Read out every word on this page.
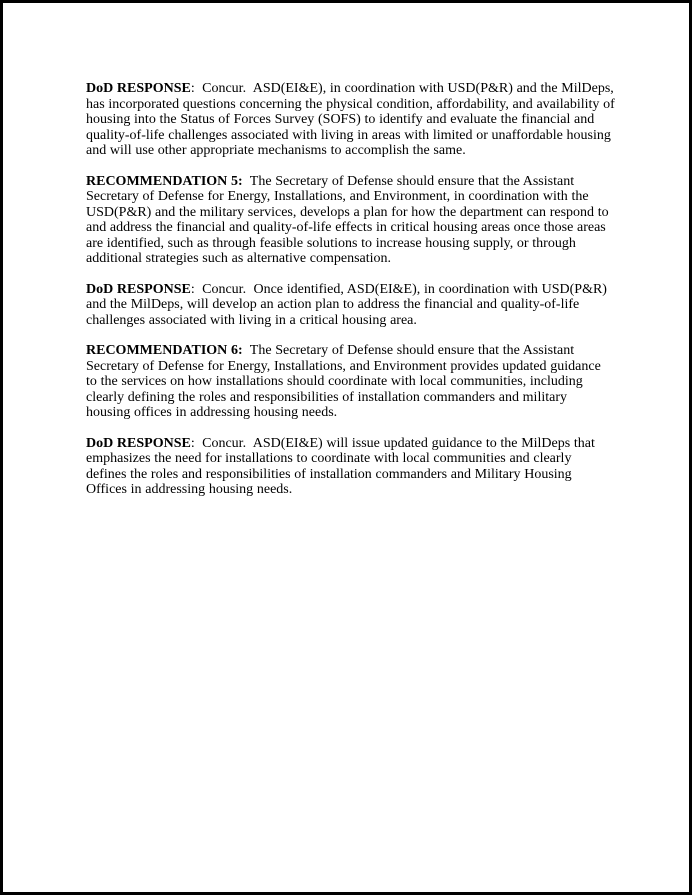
DoD RESPONSE:  Concur.  ASD(EI&E), in coordination with USD(P&R) and the MilDeps, has incorporated questions concerning the physical condition, affordability, and availability of housing into the Status of Forces Survey (SOFS) to identify and evaluate the financial and quality-of-life challenges associated with living in areas with limited or unaffordable housing and will use other appropriate mechanisms to accomplish the same.

RECOMMENDATION 5:  The Secretary of Defense should ensure that the Assistant Secretary of Defense for Energy, Installations, and Environment, in coordination with the USD(P&R) and the military services, develops a plan for how the department can respond to and address the financial and quality-of-life effects in critical housing areas once those areas are identified, such as through feasible solutions to increase housing supply, or through additional strategies such as alternative compensation.

DoD RESPONSE:  Concur.  Once identified, ASD(EI&E), in coordination with USD(P&R) and the MilDeps, will develop an action plan to address the financial and quality-of-life challenges associated with living in a critical housing area.

RECOMMENDATION 6:  The Secretary of Defense should ensure that the Assistant Secretary of Defense for Energy, Installations, and Environment provides updated guidance to the services on how installations should coordinate with local communities, including clearly defining the roles and responsibilities of installation commanders and military housing offices in addressing housing needs.

DoD RESPONSE:  Concur.  ASD(EI&E) will issue updated guidance to the MilDeps that emphasizes the need for installations to coordinate with local communities and clearly defines the roles and responsibilities of installation commanders and Military Housing Offices in addressing housing needs.
